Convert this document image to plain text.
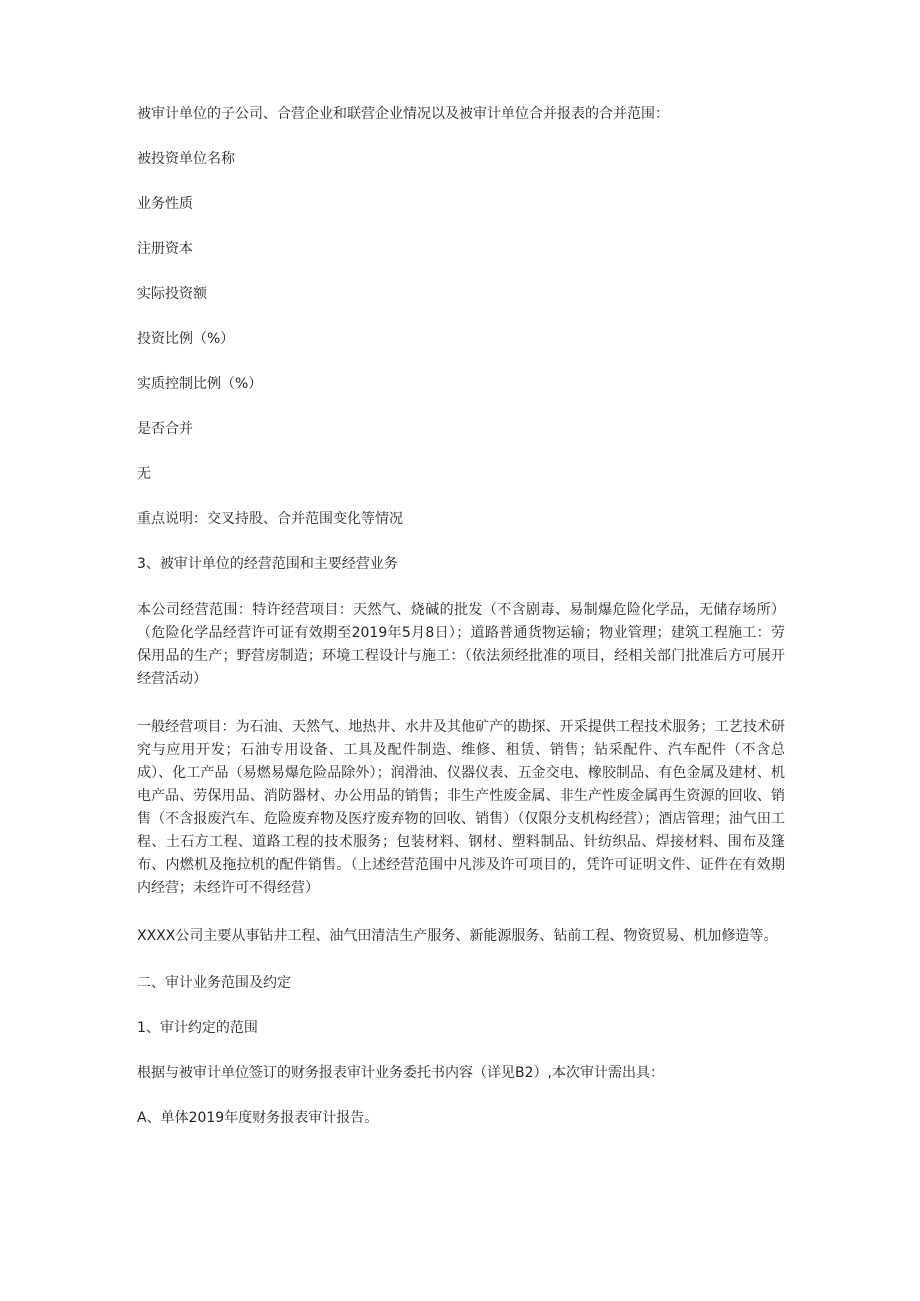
被审计单位的子公司、合营企业和联营企业情况以及被审计单位合并报表的合并范围：

被投资单位名称

业务性质

注册资本

实际投资额

投资比例（%）

实质控制比例（%）

是否合并

无

重点说明：交叉持股、合并范围变化等情况

3、被审计单位的经营范围和主要经营业务

本公司经营范围：特许经营项目：天然气、烧碱的批发（不含剧毒、易制爆危险化学品，无储存场所）（危险化学品经营许可证有效期至2019年5月8日）；道路普通货物运输；物业管理；建筑工程施工：劳保用品的生产；野营房制造；环境工程设计与施工：（依法须经批准的项目，经相关部门批准后方可展开经营活动）

一般经营项目：为石油、天然气、地热井、水井及其他矿产的勘探、开采提供工程技术服务；工艺技术研究与应用开发；石油专用设备、工具及配件制造、维修、租赁、销售；钻采配件、汽车配件（不含总成）、化工产品（易燃易爆危险品除外）；润滑油、仪器仪表、五金交电、橡胶制品、有色金属及建材、机电产品、劳保用品、消防器材、办公用品的销售；非生产性废金属、非生产性废金属再生资源的回收、销售（不含报废汽车、危险废弃物及医疗废弃物的回收、销售）（仅限分支机构经营）；酒店管理；油气田工程、土石方工程、道路工程的技术服务；包装材料、钢材、塑料制品、针纺织品、焊接材料、围布及篷布、内燃机及拖拉机的配件销售。（上述经营范围中凡涉及许可项目的，凭许可证明文件、证件在有效期内经营；未经许可不得经营）

XXXX公司主要从事钻井工程、油气田清洁生产服务、新能源服务、钻前工程、物资贸易、机加修造等。

二、审计业务范围及约定

1、审计约定的范围

根据与被审计单位签订的财务报表审计业务委托书内容（详见B2）,本次审计需出具：

A、单体2019年度财务报表审计报告。
